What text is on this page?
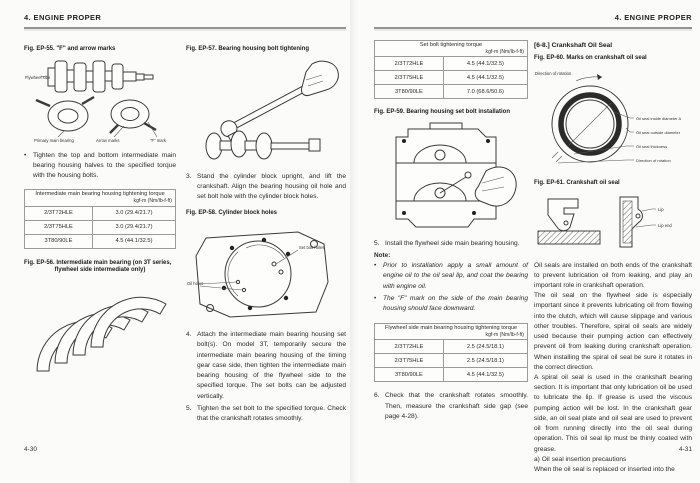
4. ENGINE PROPER
Fig. EP-55. "F" and arrow marks
Flywheel side
Primary main bearing	Arrow marks	"F" mark
•	Tighten the top and bottom intermediate main bearing housing halves to the specified torque with the housing bolts.
Intermediate main bearing housing tightening torque
kgf-m (Nm/lb-f-ft)	

2/3T72HLE	3.0 (29.4/21.7)
2/3T75HLE	3.0 (29.4/21.7)
3T80/90LE	4.5 (44.1/32.5)
Fig. EP-56. Intermediate main bearing (on 3T series,
flywheel side intermediate only)
Fig. EP-57. Bearing housing bolt tightening
3. Stand the cylinder block upright, and lift the crankshaft. Align the bearing housing oil hole and set bolt hole with the cylinder block holes.
Fig. EP-58. Cylinder block holes
Oil holes
Set bolt holes
4. Attach the intermediate main bearing housing set bolt(s). On model 3T, temporarily secure the intermediate main bearing housing of the timing gear case side, then tighten the intermediate main bearing housing of the flywheel side to the specified torque. The set bolts can be adjusted vertically.
5. Tighten the set bolt to the specified torque. Check that the crankshaft rotates smoothly.
4-30
4. ENGINE PROPER
Set bolt tightening torque
kgf-m (Nm/lb-f-ft)	

2/3T72HLE	4.5 (44.1/32.5)
2/3T75HLE	4.5 (44.1/32.5)
3T80/90LE	7.0 (68.6/50.6)
Fig. EP-59. Bearing housing set bolt installation
5. Install the flywheel side main bearing housing.
Note:
•	Prior to installation apply a small amount of engine oil to the oil seal lip, and coat the bearing with engine oil.
•	The "F" mark on the side of the main bearing housing should face downward.
Flywheel side main bearing housing tightening torque
kgf-m (Nm/lb-f-ft)	

2/3T72HLE	2.5 (24.5/18.1)
2/3T75HLE	2.5 (24.5/18.1)
3T80/90LE	4.5 (44.1/32.5)
6. Check that the crankshaft rotates smoothly. Then, measure the crankshaft side gap (see page 4-28).
[6-8.] Crankshaft Oil Seal
Fig. EP-60. Marks on crankshaft oil seal
Direction of rotation
Oil seal inside diameter A
Oil seal outside diameter
Oil seal thickness
Direction of rotation
Fig. EP-61. Crankshaft oil seal
Lip
Lip end
Oil seals are installed on both ends of the crankshaft to prevent lubrication oil from leaking, and play an important role in crankshaft operation.
The oil seal on the flywheel side is especially important since it prevents lubricating oil from flowing into the clutch, which will cause slippage and various other troubles. Therefore, spiral oil seals are widely used because their pumping action can effectively prevent oil from leaking during crankshaft operation. When installing the spiral oil seal be sure it rotates in the correct direction.
A spiral oil seal is used in the crankshaft bearing section. It is important that only lubrication oil be used to lubricate the lip. If grease is used the viscous pumping action will be lost. In the crankshaft gear side, an oil seal plate and oil seal are used to prevent oil from running directly into the oil seal during operation. This oil seal lip must be thinly coated with grease.
a) Oil seal insertion precautions
When the oil seal is replaced or inserted into the
4-31
